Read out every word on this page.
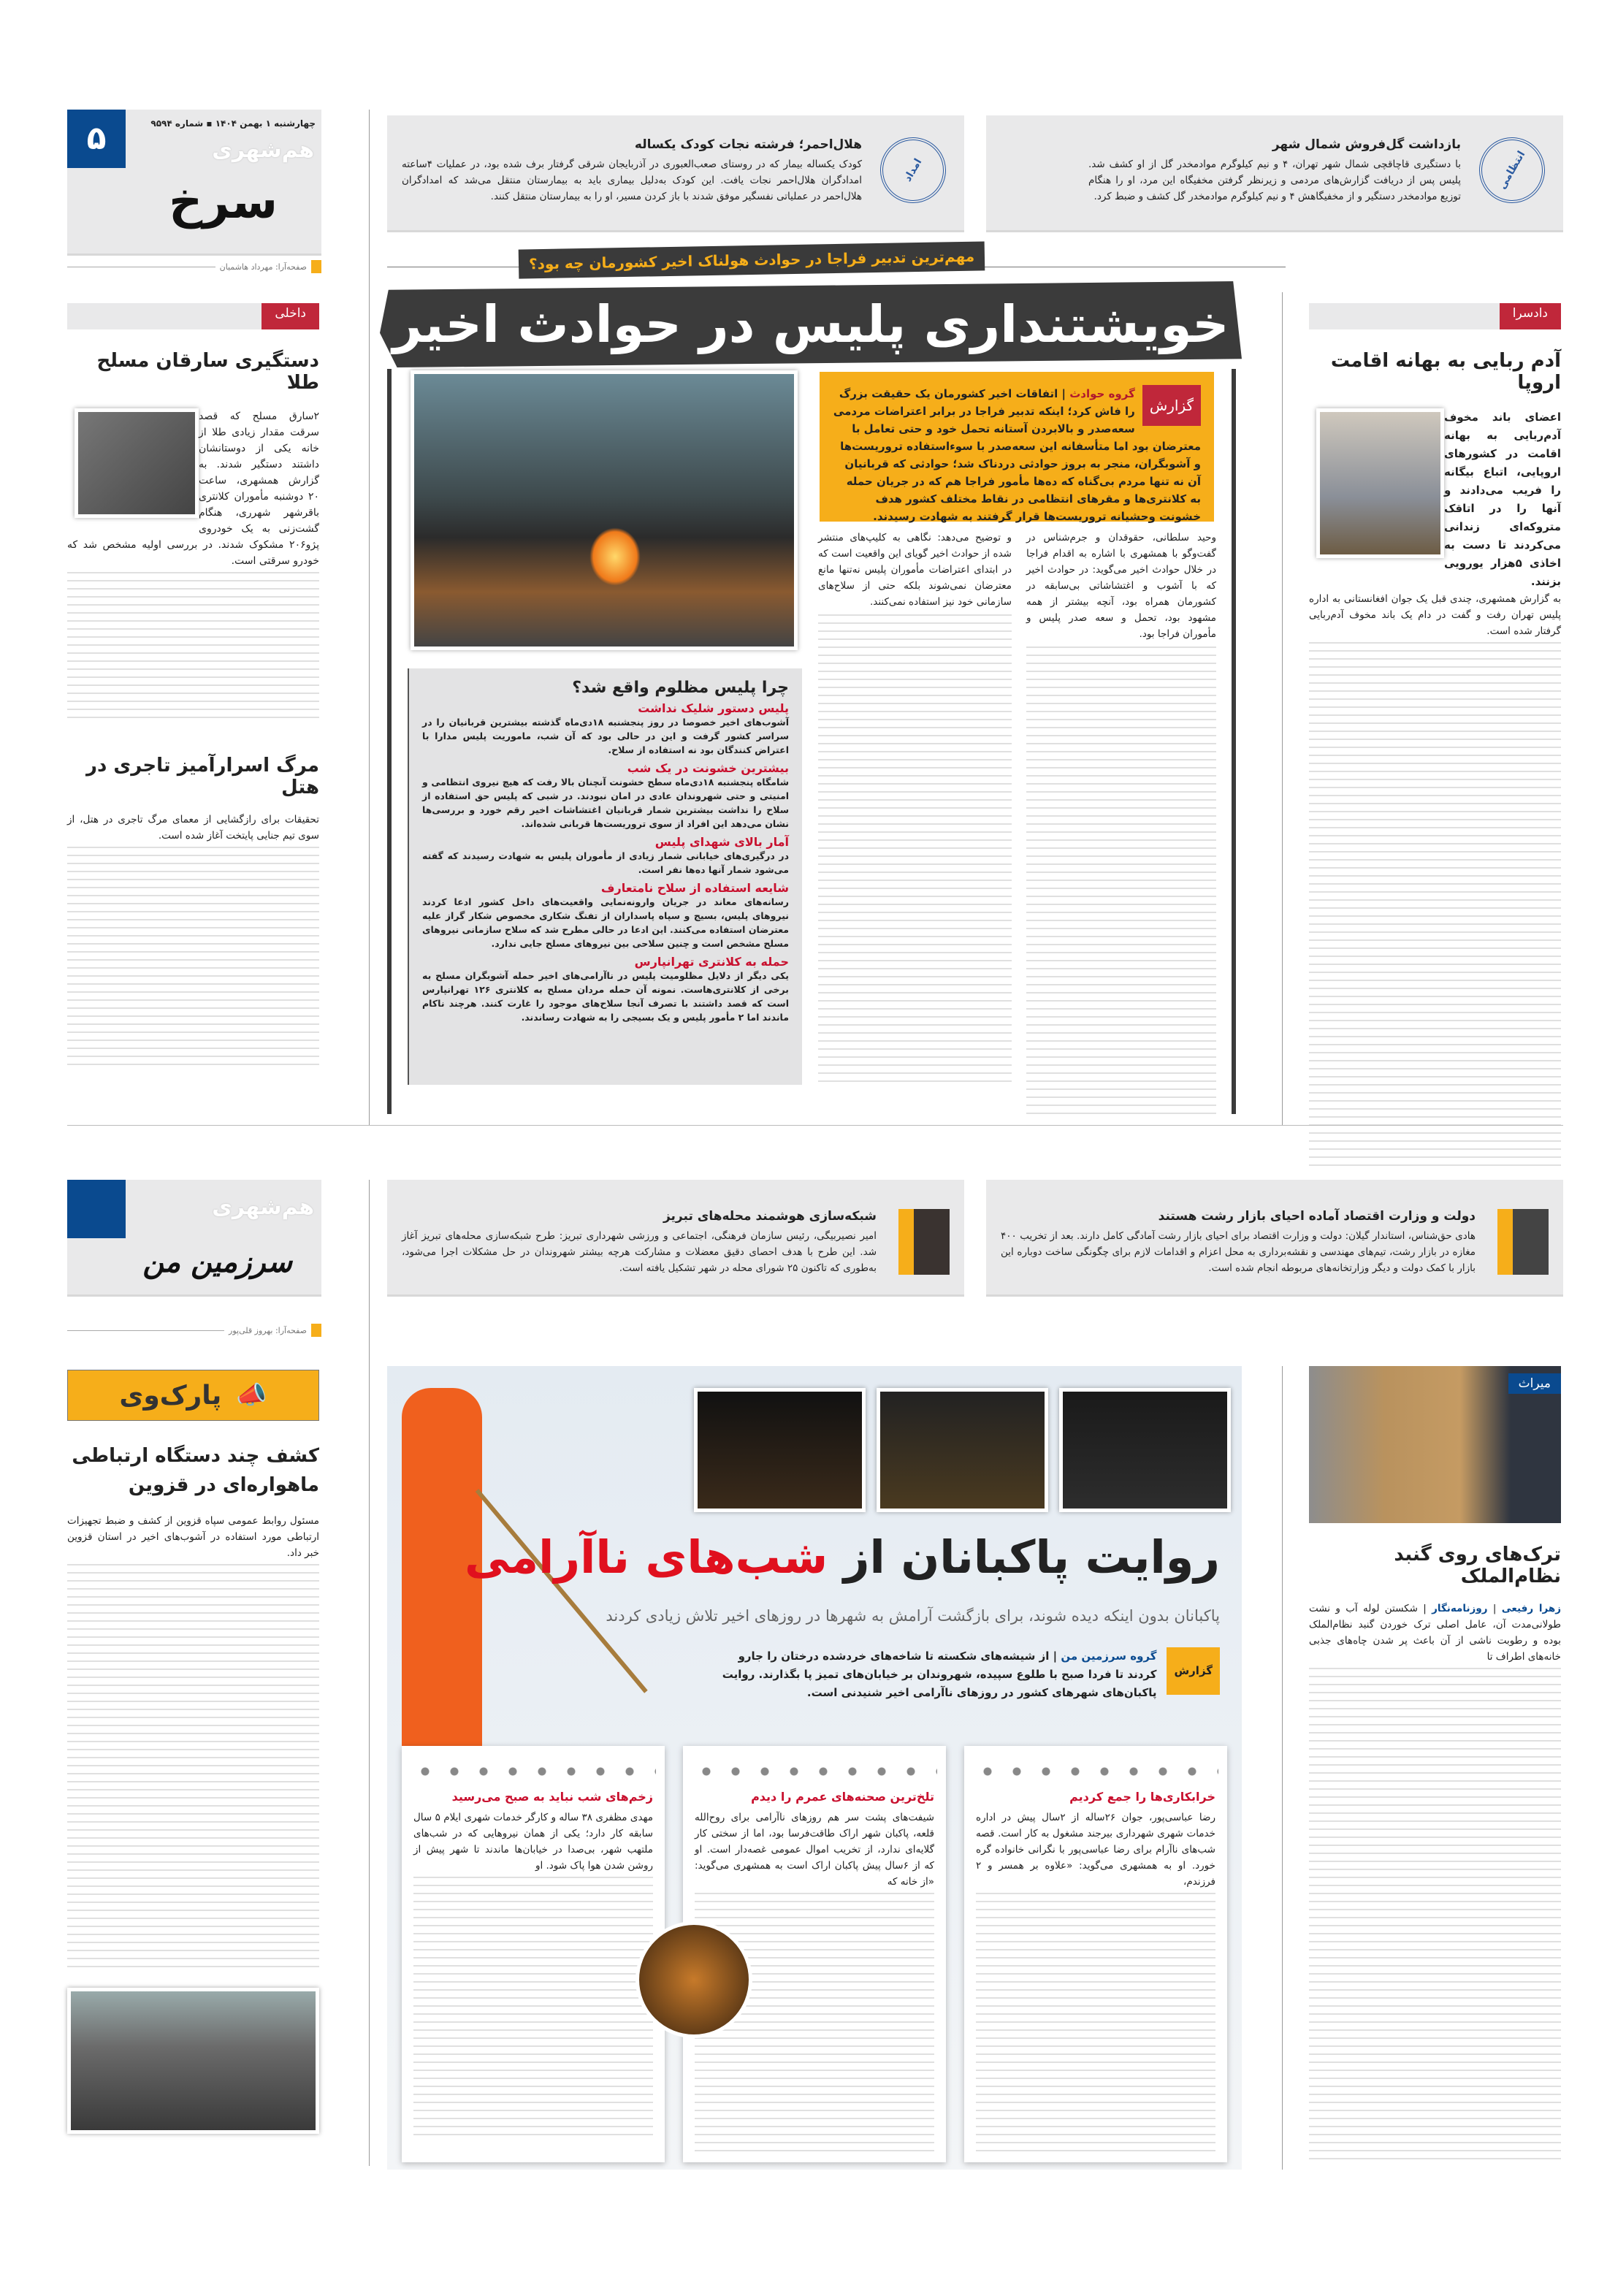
۵	چهارشنبه ۱ بهمن ۱۴۰۴ ▪ شماره ۹۵۹۴
هم‌شهری
سرخ
صفحه‌آرا: مهرداد هاشمیان
انتظامی
بازداشت گل‌فروش شمال شهر
با دستگیری قاچاقچی شمال شهر تهران، ۴ و نیم کیلوگرم موادمخدر گل از او کشف شد. پلیس پس از دریافت گزارش‌های مردمی و زیرنظر گرفتن مخفیگاه این مرد، او را هنگام توزیع موادمخدر دستگیر و از مخفیگاهش ۴ و نیم کیلوگرم موادمخدر گل کشف و ضبط کرد.
امداد
هلال‌احمر؛ فرشته نجات کودک یکساله
کودک یکساله بیمار که در روستای صعب‌العبوری در آذربایجان شرقی گرفتار برف شده بود، در عملیات ۴ساعته امدادگران هلال‌احمر نجات یافت. این کودک به‌دلیل بیماری باید به بیمارستان منتقل می‌شد که امدادگران هلال‌احمر در عملیاتی نفسگیر موفق شدند با باز کردن مسیر، او را به بیمارستان منتقل کنند.
مهم‌ترین تدبیر فراجا در حوادث هولناک اخیر کشورمان چه بود؟
خویشتنداری پلیس در حوادث اخیر
گزارش
گروه حوادث | اتفاقات اخیر کشورمان یک حقیقت بزرگ را فاش کرد؛ اینکه تدبیر فراجا در برابر اعتراضات مردمی سعه‌صدر و بالابردن آستانه تحمل خود و حتی تعامل با معترضان بود اما متأسفانه این سعه‌صدر با سوءاستفاده تروریست‌ها و آشوبگران، منجر به بروز حوادثی دردناک شد؛ حوادثی که قربانیان آن نه تنها مردم بی‌گناه که ده‌ها مأمور فراجا هم که در جریان حمله به کلانتری‌ها و مقرهای انتظامی در نقاط مختلف کشور هدف خشونت وحشیانه تروریست‌ها قرار گرفتند به شهادت رسیدند.

وحید سلطانی، حقوقدان و جرم‌شناس در گفت‌وگو با همشهری با اشاره به اقدام فراجا در خلال حوادث اخیر می‌گوید: در حوادث اخیر که با آشوب و اغتشاشاتی بی‌سابقه در کشورمان همراه بود، آنچه بیشتر از همه مشهود بود، تحمل و سعه صدر پلیس و مأموران فراجا بود.

و توضیح می‌دهد: نگاهی به کلیپ‌های منتشر شده از حوادث اخیر گویای این واقعیت است که در ابتدای اعتراضات مأموران پلیس نه‌تنها مانع معترضان نمی‌شوند بلکه حتی از سلاح‌های سازمانی خود نیز استفاده نمی‌کنند.

چرا پلیس مظلوم واقع شد؟
پلیس دستور شلیک نداشت
آشوب‌های اخیر خصوصا در روز پنجشنبه ۱۸دی‌ماه گذشته بیشترین قربانیان را در سراسر کشور گرفت و این در حالی بود که آن شب، ماموریت پلیس مدارا با اعتراض کنندگان بود نه استفاده از سلاح.
بیشترین خشونت در یک شب
شامگاه پنجشنبه ۱۸دی‌ماه سطح خشونت آنچنان بالا رفت که هیچ نیروی انتظامی و امنیتی و حتی شهروندان عادی در امان نبودند. در شبی که پلیس حق استفاده از سلاح را نداشت بیشترین شمار قربانیان اغتشاشات اخیر رقم خورد و بررسی‌ها نشان می‌دهد این افراد از سوی تروریست‌ها قربانی شده‌اند.
آمار بالای شهدای پلیس
در درگیری‌های خیابانی شمار زیادی از مأموران پلیس به شهادت رسیدند که گفته می‌شود شمار آنها ده‌ها نفر است.
شایعه استفاده از سلاح نامتعارف
رسانه‌های معاند در جریان وارونه‌نمایی واقعیت‌های داخل کشور ادعا کردند نیروهای پلیس، بسیج و سپاه پاسداران از تفنگ شکاری مخصوص شکار گراز علیه معترضان استفاده می‌کنند. این ادعا در حالی مطرح شد که سلاح سازمانی نیروهای مسلح مشخص است و چنین سلاحی بین نیروهای مسلح جایی ندارد.
حمله به کلانتری تهرانپارس
یکی دیگر از دلایل مظلومیت پلیس در ناآرامی‌های اخیر حمله آشوبگران مسلح به برخی از کلانتری‌هاست. نمونه آن حمله مردان مسلح به کلانتری ۱۲۶ تهرانپارس است که قصد داشتند با تصرف آنجا سلاح‌های موجود را غارت کنند. هرچند ناکام ماندند اما ۲ مأمور پلیس و یک بسیجی را به شهادت رساندند.
داخلی
دستگیری سارقان مسلح طلا
۲سارق مسلح که قصد سرقت مقدار زیادی طلا از خانه یکی از دوستانشان داشتند دستگیر شدند. به گزارش همشهری، ساعت ۲۰ دوشنبه مأموران کلانتری باقرشهر شهرری، هنگام گشت‌زنی به یک خودروی پژو۲۰۶ مشکوک شدند. در بررسی اولیه مشخص شد که خودرو سرقتی است.
مرگ اسرارآمیز تاجری در هتل
تحقیقات برای رازگشایی از معمای مرگ تاجری در هتل، از سوی تیم جنایی پایتخت آغاز شده است.
دادسرا
آدم ربایی به بهانه اقامت اروپا
اعضای باند مخوف آدم‌ربایی به بهانه اقامت در کشورهای اروپایی، اتباع بیگانه را فریب می‌دادند و آنها را در اتاقک متروکه‌ای زندانی می‌کردند تا دست به اخاذی ۵هزار یورویی بزنند.
به گزارش همشهری، چندی قبل یک جوان افغانستانی به اداره پلیس تهران رفت و گفت در دام یک باند مخوف آدم‌ربایی گرفتار شده است.
هم‌شهری
سرزمین من
صفحه‌آرا: بهروز قلی‌پور
دولت و وزارت اقتصاد آماده احیای بازار رشت هستند
هادی حق‌شناس، استاندار گیلان: دولت و وزارت اقتصاد برای احیای بازار رشت آمادگی کامل دارند. بعد از تخریب ۴۰۰ مغازه در بازار رشت، تیم‌های مهندسی و نقشه‌برداری به محل اعزام و اقدامات لازم برای چگونگی ساخت دوباره این بازار با کمک دولت و دیگر وزارتخانه‌های مربوطه انجام شده است.
شبکه‌سازی هوشمند محله‌های تبریز
امیر نصیربیگی، رئیس سازمان فرهنگی، اجتماعی و ورزشی شهرداری تبریز: طرح شبکه‌سازی محله‌های تبریز آغاز شد. این طرح با هدف احصای دقیق معضلات و مشارکت هرچه بیشتر شهروندان در حل مشکلات اجرا می‌شود، به‌طوری که تاکنون ۲۵ شورای محله در شهر تشکیل یافته است.
📣
پارک‌وی
کشف چند دستگاه ارتباطی ماهواره‌ای در قزوین
مسئول روابط عمومی سپاه قزوین از کشف و ضبط تجهیزات ارتباطی مورد استفاده در آشوب‌های اخیر در استان قزوین خبر داد.
میراث
ترک‌های روی گنبد نظام‌الملک
زهرا رفیعی | روزنامه‌نگار | شکستن لوله آب و نشت طولانی‌مدت آن، عامل اصلی ترک خوردن گنبد نظام‌الملک بوده و رطوبت ناشی از آن باعث پر شدن چاه‌های جذبی خانه‌های اطراف تا
روایت پاکبانان از شب‌های ناآرامی
پاکبانان بدون اینکه دیده شوند، برای بازگشت آرامش به شهرها در روزهای اخیر تلاش زیادی کردند
گزارش
گروه سرزمین من | از شیشه‌های شکسته تا شاخه‌های خردشده درختان را جارو کردند تا فردا صبح با طلوع سپیده، شهروندان بر خیابان‌های تمیز پا بگذارند. روایت پاکبان‌های شهرهای کشور در روزهای ناآرامی اخیر شنیدنی است.
خرابکاری‌ها را جمع کردیم
رضا عباسی‌پور، جوان ۲۶ساله از ۲سال پیش در اداره خدمات شهری شهرداری بیرجند مشغول به کار است. قصه شب‌های ناآرام برای رضا عباسی‌پور با نگرانی خانواده گره خورد. او به همشهری می‌گوید: «علاوه بر همسر و ۲ فرزندم،
تلخ‌ترین صحنه‌های عمرم را دیدم
شیفت‌های پشت سر هم روزهای ناآرامی برای روح‌الله قلعه، پاکبان شهر اراک طاقت‌فرسا بود، اما از سختی کار گلایه‌ای ندارد، از تخریب اموال عمومی غصه‌دار است. او که از ۶سال پیش پاکبان اراک است به همشهری می‌گوید: «از خانه که
زخم‌های شب نباید به صبح می‌رسید
مهدی مظفری ۳۸ ساله و کارگر خدمات شهری ایلام ۵ سال سابقه کار دارد؛ یکی از همان نیروهایی که در شب‌های ملتهب شهر، بی‌صدا در خیابان‌ها ماندند تا شهر پیش از روشن شدن هوا پاک شود. او
